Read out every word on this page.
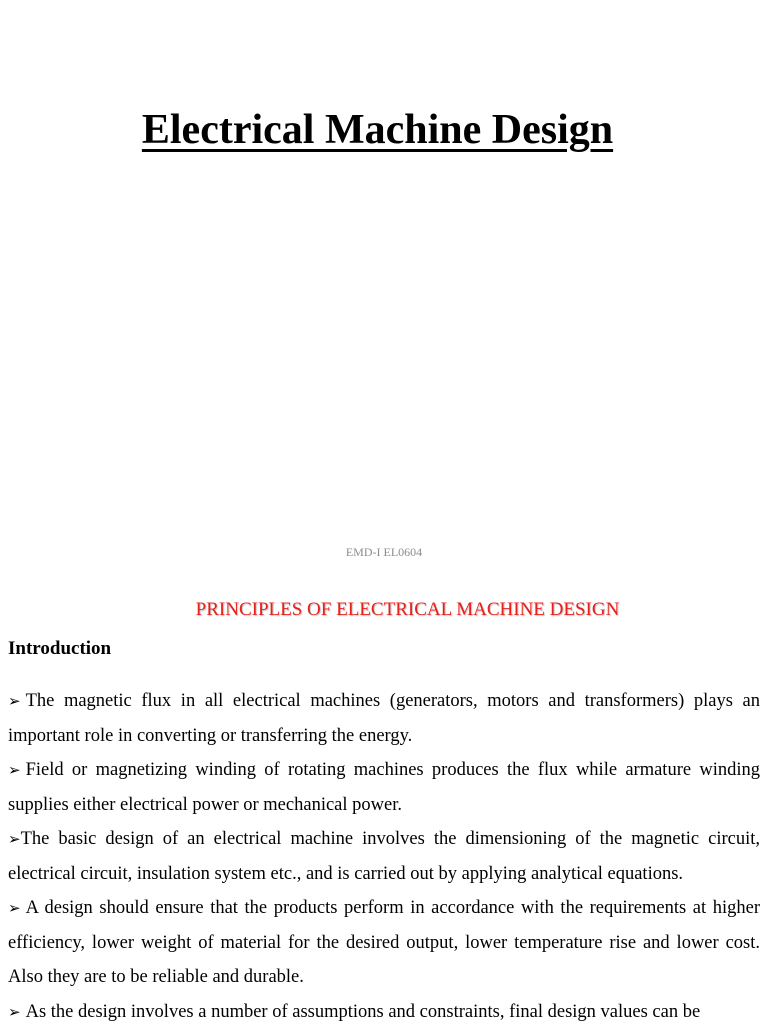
Electrical Machine Design
EMD-I EL0604
PRINCIPLES OF ELECTRICAL MACHINE DESIGN
Introduction
➢ The magnetic flux in all electrical machines (generators, motors and transformers) plays an important role in converting or transferring the energy.
➢ Field or magnetizing winding of rotating machines produces the flux while armature winding supplies either electrical power or mechanical power.
➢The basic design of an electrical machine involves the dimensioning of the magnetic circuit, electrical circuit, insulation system etc., and is carried out by applying analytical equations.
➢ A design should ensure that the products perform in accordance with the requirements at higher efficiency, lower weight of material for the desired output, lower temperature rise and lower cost. Also they are to be reliable and durable.
➢ As the design involves a number of assumptions and constraints, final design values can be
